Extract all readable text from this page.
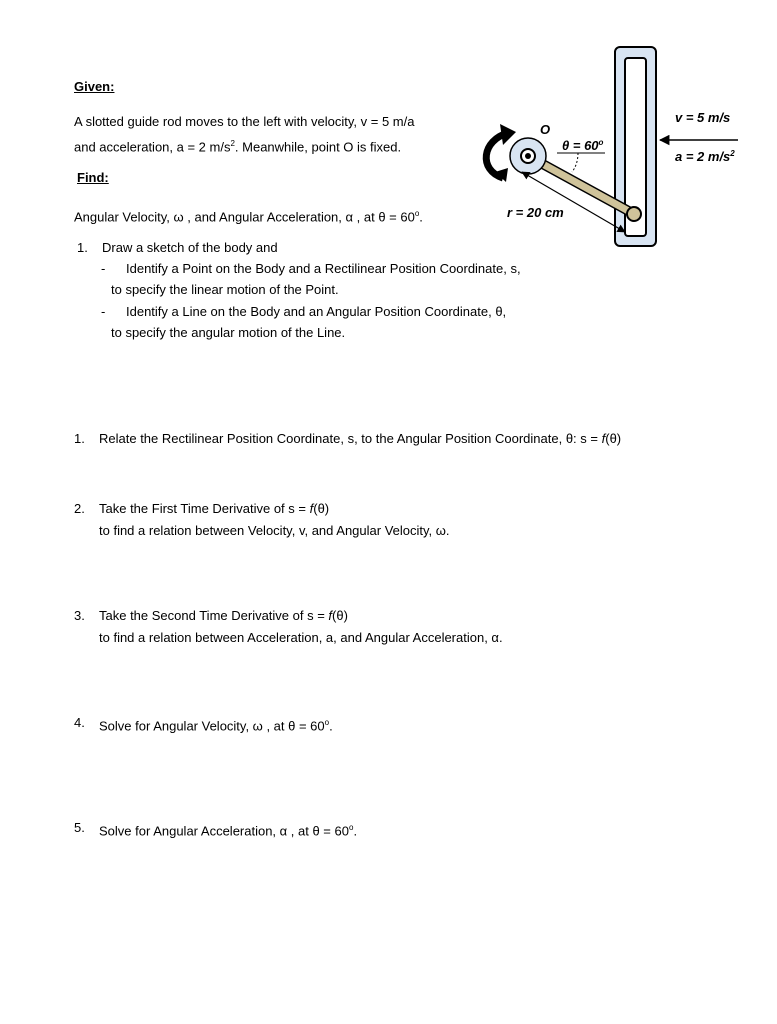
Given:
A slotted guide rod moves to the left with velocity, v = 5 m/a
and acceleration, a = 2 $m/s^2$. Meanwhile, point O is fixed.
Find:
Angular Velocity, ω , and Angular Acceleration, α , at $\theta = 60^o$.
1. Draw a sketch of the body and
- Identify a Point on the Body and a Rectilinear Position Coordinate, s,
to specify the linear motion of the Point.
- Identify a Line on the Body and an Angular Position Coordinate, θ,
to specify the angular motion of the Line.
1. Relate the Rectilinear Position Coordinate, s, to the Angular Position Coordinate, θ: s = f(θ)
2. Take the First Time Derivative of s = f(θ)
to find a relation between Velocity, v, and Angular Velocity, ω.
3. Take the Second Time Derivative of s = f(θ)
to find a relation between Acceleration, a, and Angular Acceleration, α.
4. Solve for Angular Velocity, ω , at $\theta = 60^o$.
5. Solve for Angular Acceleration, α , at $\theta = 60^o$.
v = 5 m/s
a = 2 $m/s^2$
O
$\theta = 60^o$
r = 20 cm
